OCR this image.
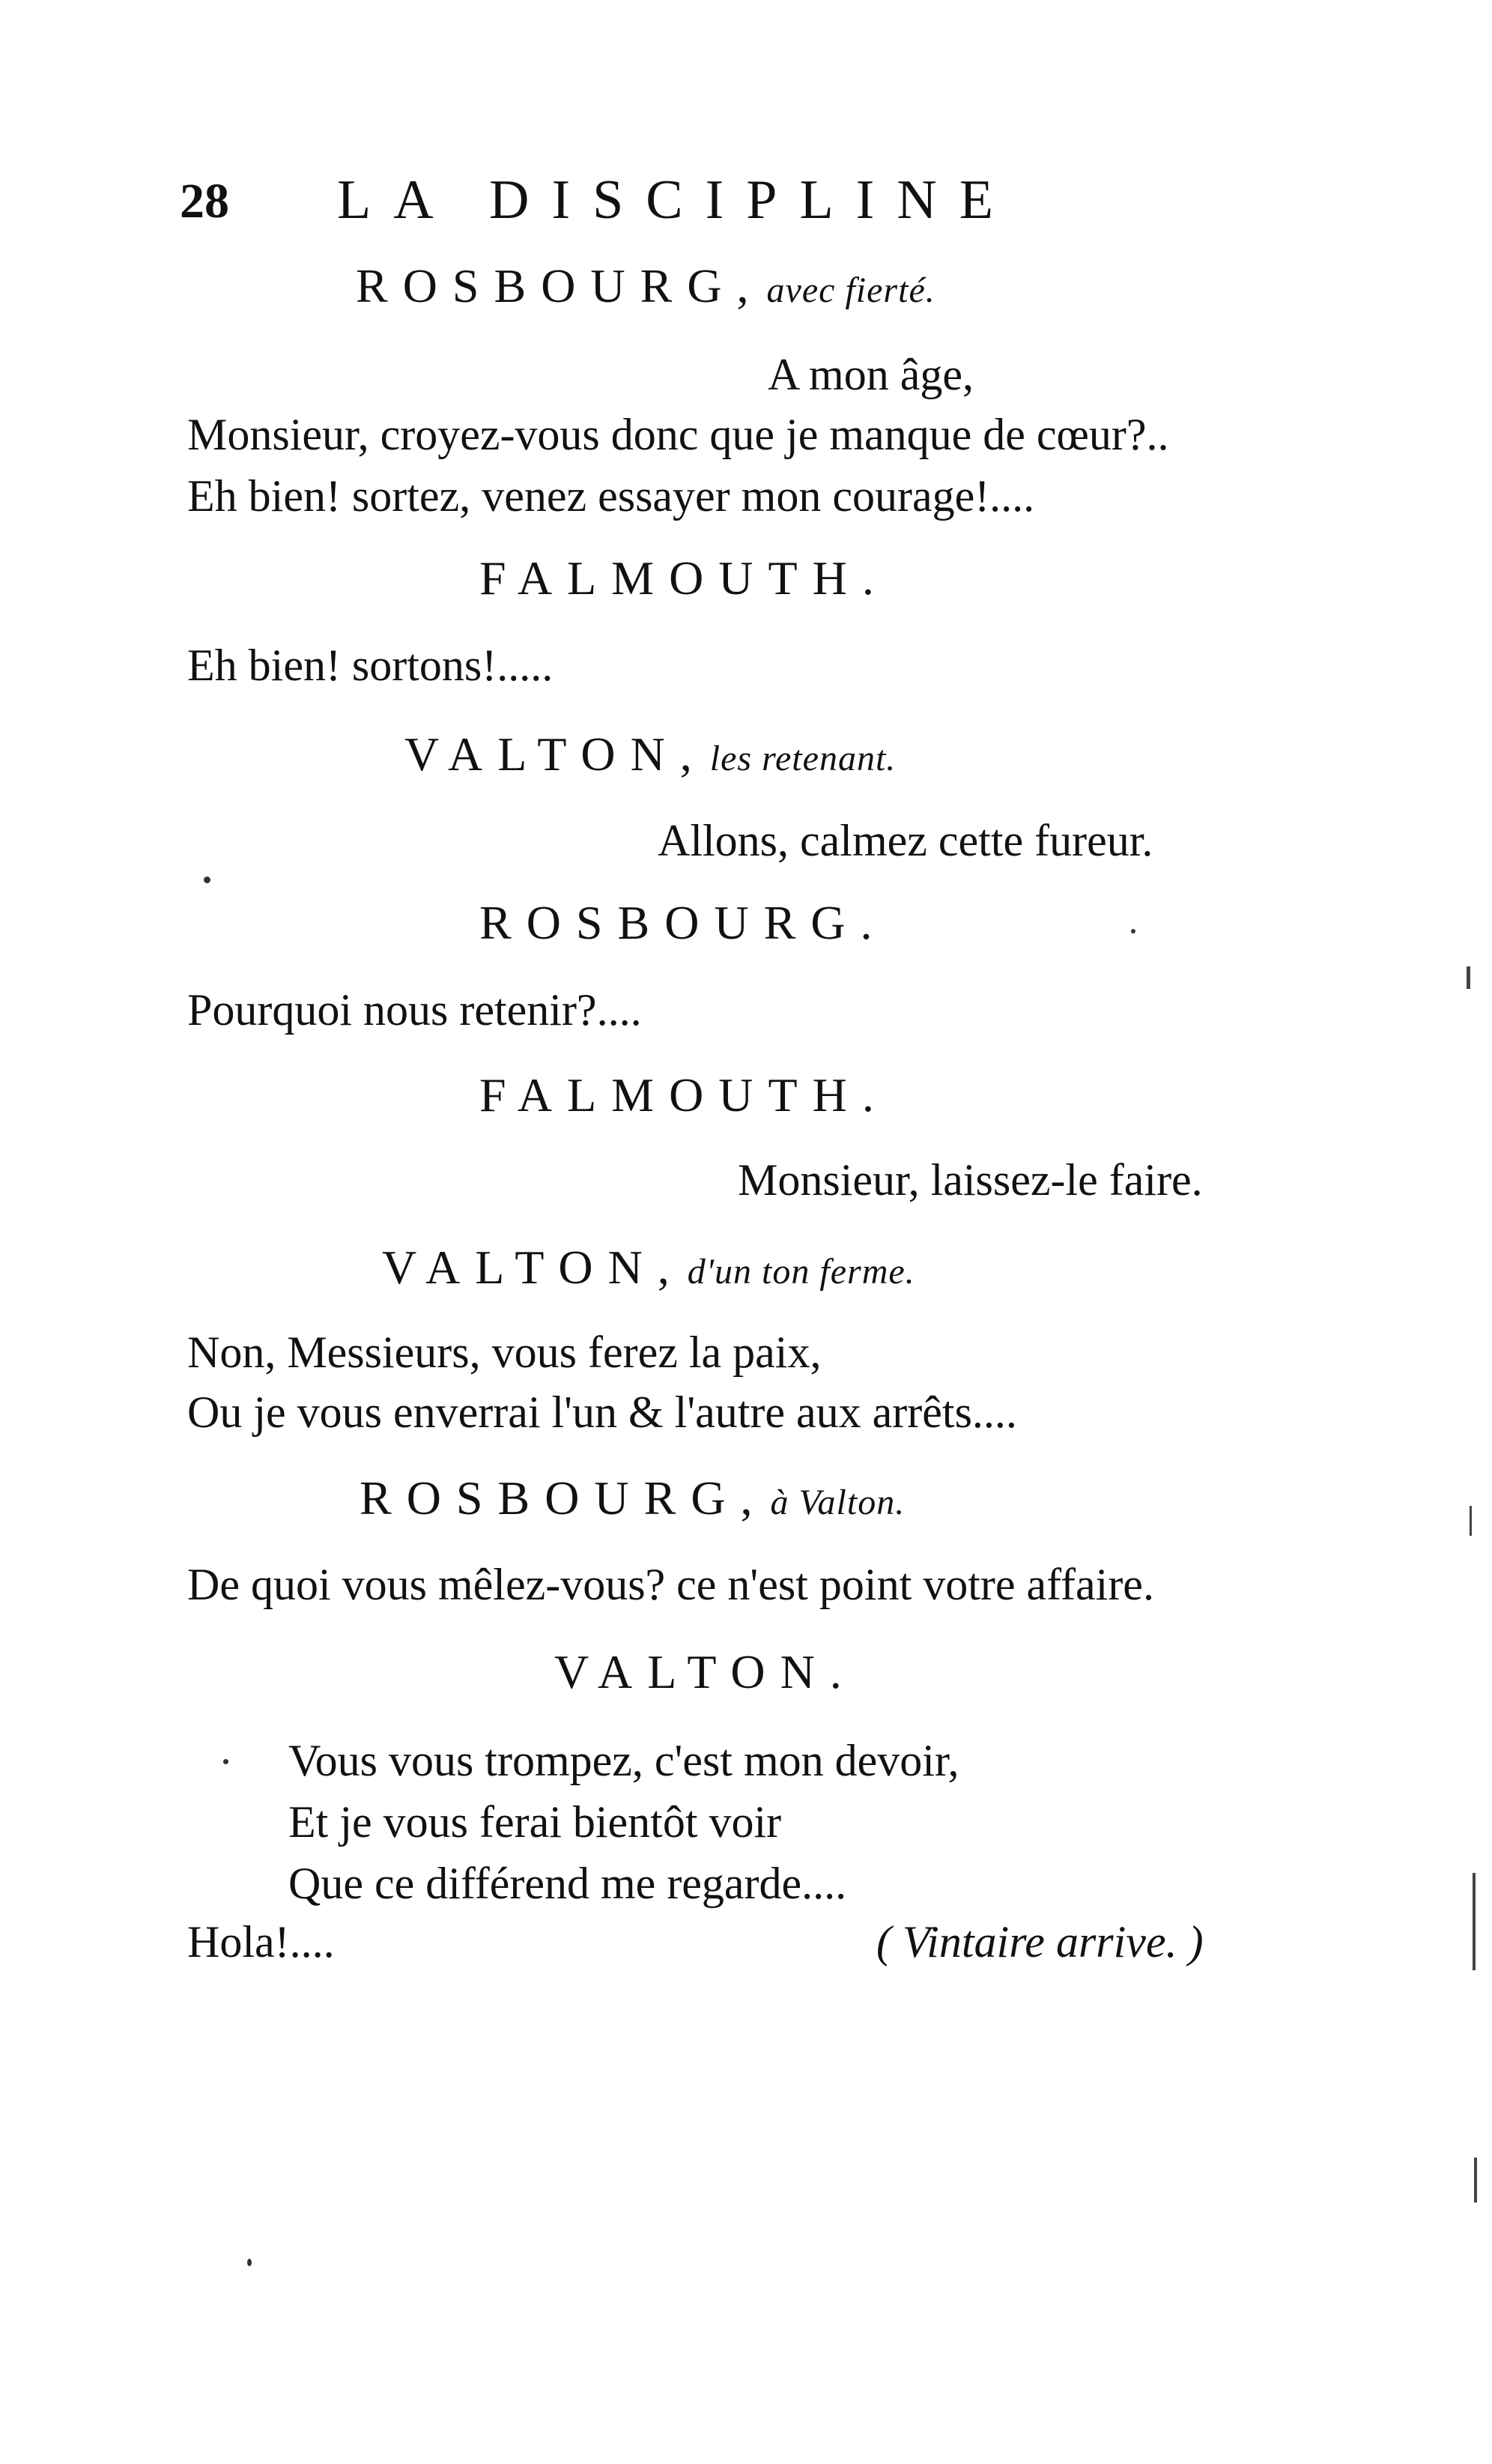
28 LA DISCIPLINE
ROSBOURG, avec fierté.
A mon âge,
Monsieur, croyez-vous donc que je manque de cœur?..
Eh bien! sortez, venez essayer mon courage!....
FALMOUTH.
Eh bien! sortons!.....
VALTON, les retenant.
Allons, calmez cette fureur.
ROSBOURG.
Pourquoi nous retenir?....
FALMOUTH.
Monsieur, laissez-le faire.
VALTON, d'un ton ferme.
Non, Messieurs, vous ferez la paix,
Ou je vous enverrai l'un & l'autre aux arrêts....
ROSBOURG, à Valton.
De quoi vous mêlez-vous? ce n'est point votre affaire.
VALTON.
Vous vous trompez, c'est mon devoir,
Et je vous ferai bientôt voir
Que ce différend me regarde....
Hola!....	( Vintaire arrive. )
